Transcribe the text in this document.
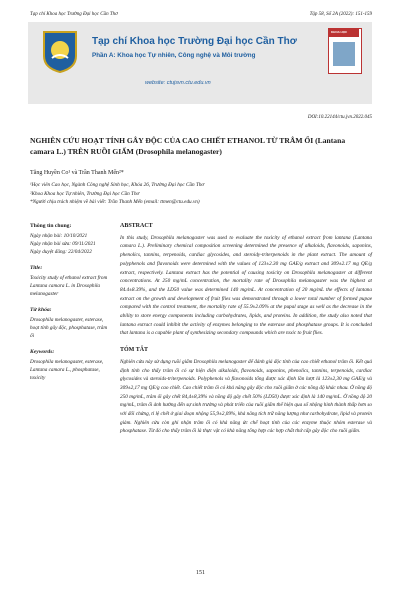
Tạp chí Khoa học Trường Đại học Cần Thơ	Tập 58, Số 2A (2022): 151-159
Tạp chí Khoa học Trường Đại học Cần Thơ
Phần A: Khoa học Tự nhiên, Công nghệ và Môi trường
website: ctujsvn.ctu.edu.vn
KHOA HỌC
DOI:10.22144/ctu.jvn.2022.045
NGHIÊN CỨU HOẠT TÍNH GÂY ĐỘC CỦA CAO CHIẾT ETHANOL TỪ TRÂM ỔI (Lantana camara L.) TRÊN RUỒI GIẤM (Drosophila melanogaster)
Tăng Huyền Co¹ và Trần Thanh Mến²*
¹Học viên Cao học, Ngành Công nghệ Sinh học, Khóa 26, Trường Đại học Cần Thơ
²Khoa Khoa học Tự nhiên, Trường Đại học Cần Thơ
*Người chịu trách nhiệm về bài viết: Trần Thanh Mến (email: ttmen@ctu.edu.vn)
Thông tin chung:
Ngày nhận bài: 10/10/2021
Ngày nhận bài sửa: 09/11/2021
Ngày duyệt đăng: 22/04/2022
Title:
Toxicity study of ethanol extract from Lantana camara L. in Drosophila melanogaster
Từ khóa:
Drosophila melanogaster, esterase, hoạt tính gây độc, phosphatase, trâm ổi
Keywords:
Drosophila melanogaster, esterase, Lantana camara L., phosphatase, toxicity
ABSTRACT

In this study, Drosophila melanogaster was used to evaluate the toxicity of ethanol extract from lantana (Lantana camara L.). Preliminary chemical composition screening determined the presence of alkaloids, flavonoids, saponins, phenolics, tannins, terpenoids, cardiac glycosides, and steroidy-triterpenoids in the plant extract. The amount of polyphenols and flavonoids were determined with the values of 123±2.30 mg GAE/g extract and 309±2.17 mg QE/g extract, respectively. Lantana extract has the potential of causing toxicity on Drosophila melanogaster at different concentrations. At 250 mg/mL concentration, the mortality rate of Drosophila melanogaster was the highest at 84.4±8.39%, and the LD50 value was determined 140 mg/mL. At concentration of 20 mg/mL the effects of lantana extract on the growth and development of fruit flies was demonstrated through a lower total number of formed pupae compared with the control treatment, the mortality rate of 55.9±2.09% at the pupal stage as well as the decrease in the ability to store energy components including carbohydrates, lipids, and proteins. In addition, the study also noted that lantana extract could inhibit the activity of enzymes belonging to the esterase and phosphatase groups. It is concluded that lantana is a capable plant of synthesizing secondary compounds which are toxic to fruit flies.

TÓM TẮT

Nghiên cứu này sử dụng ruồi giấm Drosophila melanogaster để đánh giá độc tính của cao chiết ethanol trâm ổi. Kết quả định tính cho thấy trâm ổi có sự hiện diện alkaloids, flavonoids, saponins, phenolics, tannins, terpenoids, cardiac glycosides và steroids-triterpenoids. Polyphenols và flavonoids tổng được xác định lần lượt là 123±2,30 mg GAE/g và 309±2,17 mg QE/g cao chiết. Cao chiết trâm ổi có khả năng gây độc cho ruồi giấm ở các nồng độ khác nhau. Ở nồng độ 250 mg/mL, trâm ổi gây chết 84,4±8,39% và nồng độ gây chết 50% (LD50) được xác định là 140 mg/mL. Ở nồng độ 20 mg/mL, trâm ổi ảnh hưởng đến sự sinh trưởng và phát triển của ruồi giấm thể hiện qua số nhộng hình thành thấp hơn so với đối chứng, tỉ lệ chết ở giai đoạn nhộng 55,9±2,09%, khả năng tích trữ năng lượng như carbohydrate, lipid và protein giảm. Nghiên cứu còn ghi nhận trâm ổi có khả năng ức chế hoạt tính của các enzyme thuộc nhóm esterase và phosphatase. Từ đó cho thấy trâm ổi là thực vật có khả năng tổng hợp các hợp chất thứ cấp gây độc cho ruồi giấm.

151
